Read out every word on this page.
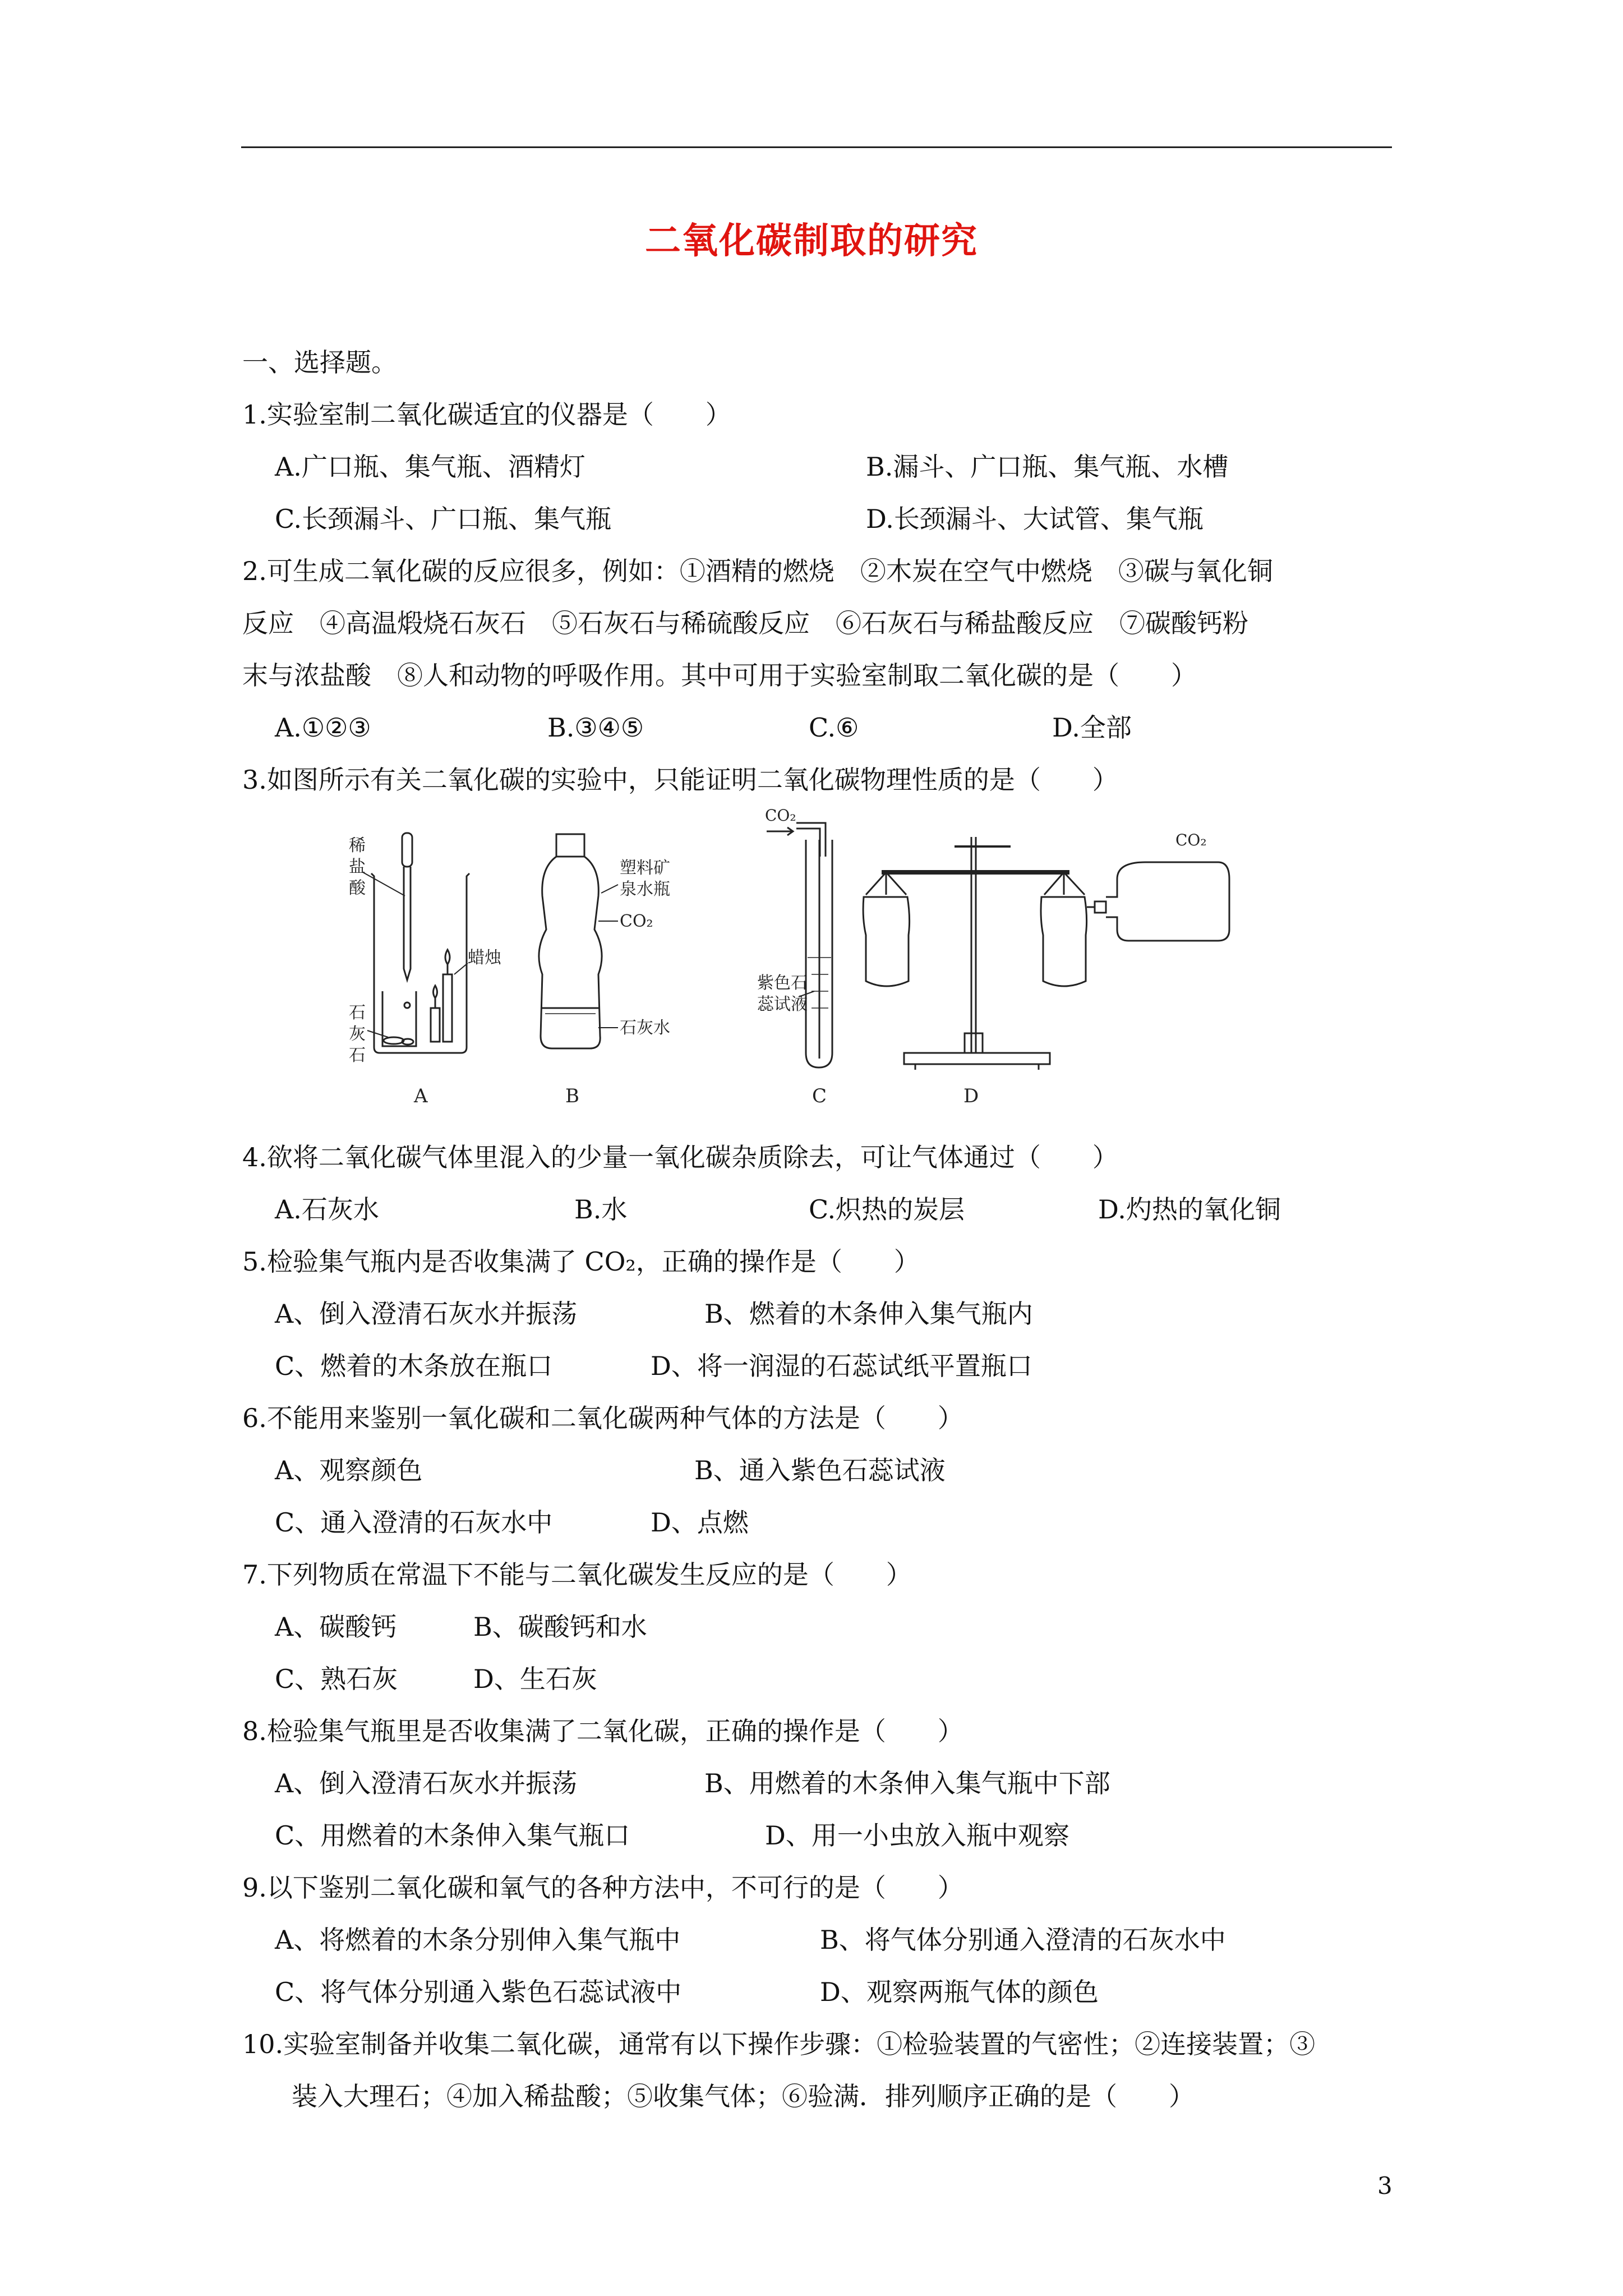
二氧化碳制取的研究
一、选择题。
1.实验室制二氧化碳适宜的仪器是（　　）
A.广口瓶、集气瓶、酒精灯	B.漏斗、广口瓶、集气瓶、水槽
C.长颈漏斗、广口瓶、集气瓶	D.长颈漏斗、大试管、集气瓶
2.可生成二氧化碳的反应很多，例如：①酒精的燃烧　②木炭在空气中燃烧　③碳与氧化铜
反应　④高温煅烧石灰石　⑤石灰石与稀硫酸反应　⑥石灰石与稀盐酸反应　⑦碳酸钙粉
末与浓盐酸　⑧人和动物的呼吸作用。其中可用于实验室制取二氧化碳的是（　　）
A.①②③	B.③④⑤	C.⑥	D.全部
3.如图所示有关二氧化碳的实验中，只能证明二氧化碳物理性质的是（　　）
稀
盐
酸
石
灰
石
蜡烛
A
塑料矿
泉水瓶
CO₂
石灰水
B
CO₂
紫色石
蕊试液
C
CO₂
D
4.欲将二氧化碳气体里混入的少量一氧化碳杂质除去，可让气体通过（　　）
A.石灰水	B.水	C.炽热的炭层	D.灼热的氧化铜
5.检验集气瓶内是否收集满了 CO₂，正确的操作是（　　）
A、倒入澄清石灰水并振荡	B、燃着的木条伸入集气瓶内
C、燃着的木条放在瓶口	D、将一润湿的石蕊试纸平置瓶口
6.不能用来鉴别一氧化碳和二氧化碳两种气体的方法是（　　）
A、观察颜色	B、通入紫色石蕊试液
C、通入澄清的石灰水中	D、点燃
7.下列物质在常温下不能与二氧化碳发生反应的是（　　）
A、碳酸钙	B、碳酸钙和水
C、熟石灰	D、生石灰
8.检验集气瓶里是否收集满了二氧化碳，正确的操作是（　　）
A、倒入澄清石灰水并振荡	B、用燃着的木条伸入集气瓶中下部
C、用燃着的木条伸入集气瓶口	D、用一小虫放入瓶中观察
9.以下鉴别二氧化碳和氧气的各种方法中，不可行的是（　　）
A、将燃着的木条分别伸入集气瓶中	B、将气体分别通入澄清的石灰水中
C、将气体分别通入紫色石蕊试液中	D、观察两瓶气体的颜色
10.实验室制备并收集二氧化碳，通常有以下操作步骤：①检验装置的气密性；②连接装置；③
装入大理石；④加入稀盐酸；⑤收集气体；⑥验满．排列顺序正确的是（　　）
3
